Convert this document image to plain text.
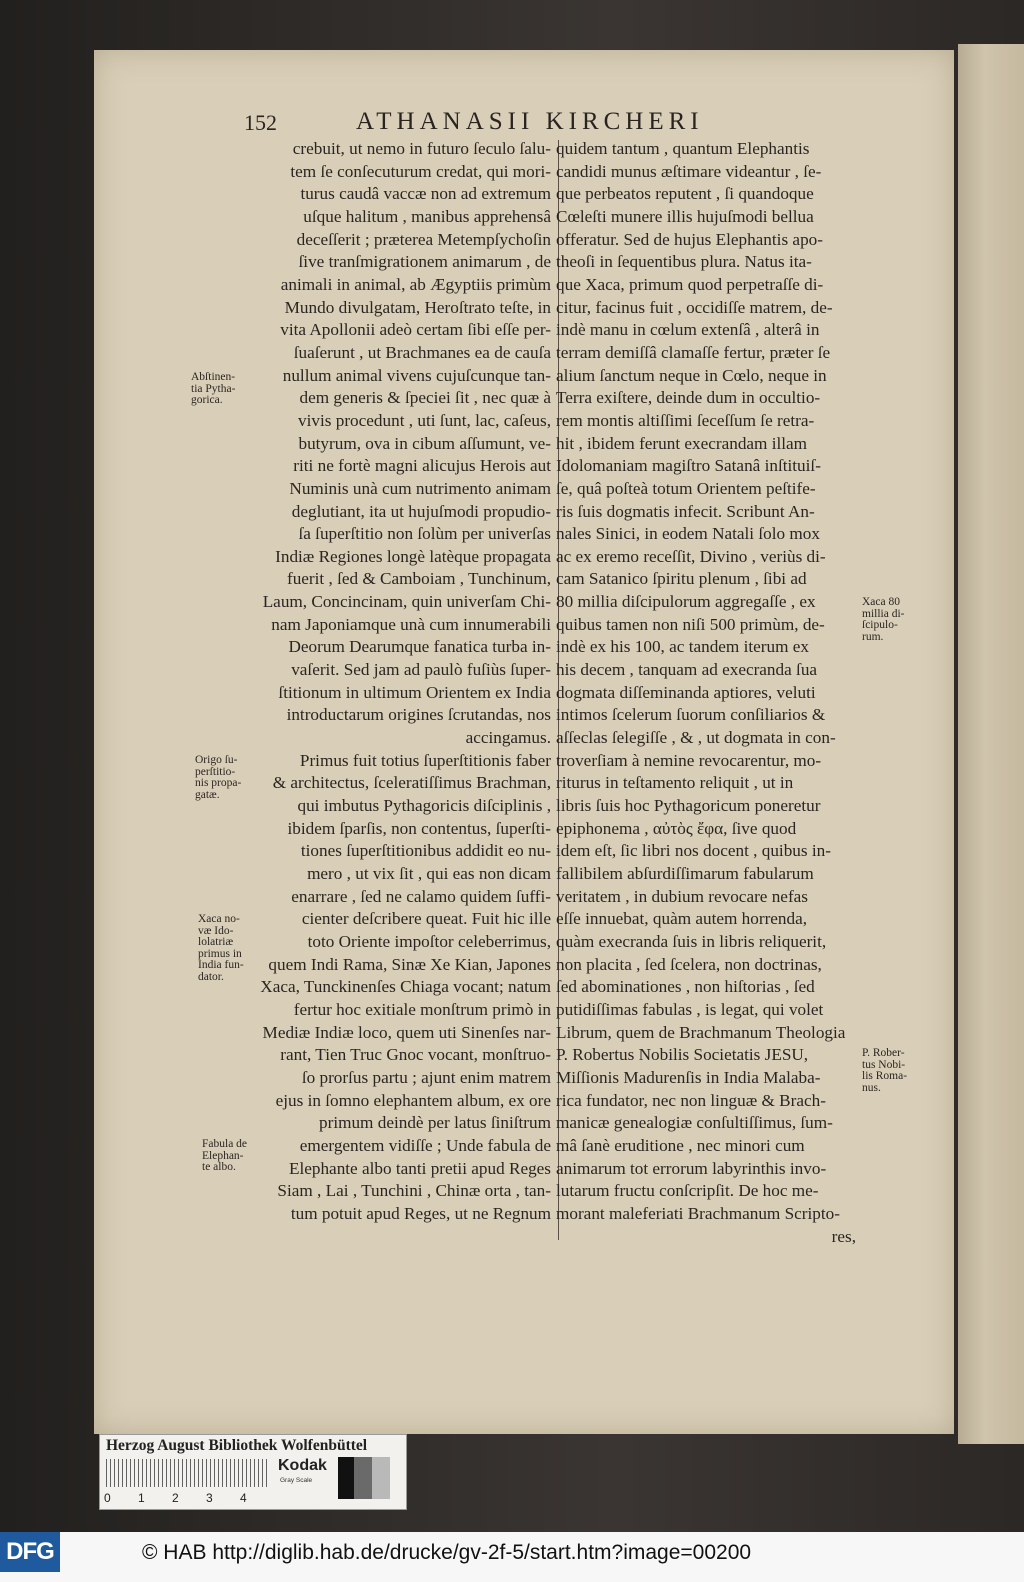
152	ATHANASII KIRCHERI
crebuit, ut nemo in futuro ſeculo ſalu-
tem ſe conſecuturum credat, qui mori-
turus caudâ vaccæ non ad extremum
uſque halitum , manibus apprehensâ
deceſſerit ; præterea Metempſychoſin
ſive tranſmigrationem animarum , de
animali in animal, ab Ægyptiis primùm
Mundo divulgatam, Heroſtrato teſte, in
vita Apollonii adeò certam ſibi eſſe per-
ſuaſerunt , ut Brachmanes ea de cauſa
nullum animal vivens cujuſcunque tan-
dem generis & ſpeciei ſit , nec quæ à
vivis procedunt , uti ſunt, lac, caſeus,
butyrum, ova in cibum aſſumunt, ve-
riti ne fortè magni alicujus Herois aut
Numinis unà cum nutrimento animam
deglutiant, ita ut hujuſmodi propudio-
ſa ſuperſtitio non ſolùm per univerſas
Indiæ Regiones longè latèque propagata
fuerit , ſed & Camboiam , Tunchinum,
Laum, Concincinam, quin univerſam Chi-
nam Japoniamque unà cum innumerabili
Deorum Dearumque fanatica turba in-
vaſerit. Sed jam ad paulò fuſiùs ſuper-
ſtitionum in ultimum Orientem ex India
introductarum origines ſcrutandas, nos
accingamus.
Primus fuit totius ſuperſtitionis faber
& architectus, ſceleratiſſimus Brachman,
qui imbutus Pythagoricis diſciplinis ,
ibidem ſparſis, non contentus, ſuperſti-
tiones ſuperſtitionibus addidit eo nu-
mero , ut vix ſit , qui eas non dicam
enarrare , ſed ne calamo quidem ſuffi-
cienter deſcribere queat. Fuit hic ille
toto Oriente impoſtor celeberrimus,
quem Indi Rama, Sinæ Xe Kian, Japones
Xaca, Tunckinenſes Chiaga vocant; natum
fertur hoc exitiale monſtrum primò in
Mediæ Indiæ loco, quem uti Sinenſes nar-
rant, Tien Truc Gnoc vocant, monſtruo-
ſo prorſus partu ; ajunt enim matrem
ejus in ſomno elephantem album, ex ore
primum deindè per latus ſiniſtrum
emergentem vidiſſe ; Unde fabula de
Elephante albo tanti pretii apud Reges
Siam , Lai , Tunchini , Chinæ orta , tan-
tum potuit apud Reges, ut ne Regnum
quidem tantum , quantum Elephantis
candidi munus æſtimare videantur , ſe-
que perbeatos reputent , ſi quandoque
Cœleſti munere illis hujuſmodi bellua
offeratur. Sed de hujus Elephantis apo-
theoſi in ſequentibus plura. Natus ita-
que Xaca, primum quod perpetraſſe di-
citur, facinus fuit , occidiſſe matrem, de-
indè manu in cœlum extenſâ , alterâ in
terram demiſſâ clamaſſe fertur, præter ſe
alium ſanctum neque in Cœlo, neque in
Terra exiſtere, deinde dum in occultio-
rem montis altiſſimi ſeceſſum ſe retra-
hit , ibidem ferunt execrandam illam
Idolomaniam magiſtro Satanâ inſtituiſ-
ſe, quâ poſteà totum Orientem peſtife-
ris ſuis dogmatis infecit. Scribunt An-
nales Sinici, in eodem Natali ſolo mox
ac ex eremo receſſit, Divino , veriùs di-
cam Satanico ſpiritu plenum , ſibi ad
80 millia diſcipulorum aggregaſſe , ex
quibus tamen non niſi 500 primùm, de-
indè ex his 100, ac tandem iterum ex
his decem , tanquam ad execranda ſua
dogmata diſſeminanda aptiores, veluti
intimos ſcelerum ſuorum conſiliarios &
aſſeclas ſelegiſſe , & , ut dogmata in con-
troverſiam à nemine revocarentur, mo-
riturus in teſtamento reliquit , ut in
libris ſuis hoc Pythagoricum poneretur
epiphonema , αὐτὸς ἔφα, ſive quod
idem eſt, ſic libri nos docent , quibus in-
fallibilem abſurdiſſimarum fabularum
veritatem , in dubium revocare nefas
eſſe innuebat, quàm autem horrenda,
quàm execranda ſuis in libris reliquerit,
non placita , ſed ſcelera, non doctrinas,
ſed abominationes , non hiſtorias , ſed
putidiſſimas fabulas , is legat, qui volet
Librum, quem de Brachmanum Theologia
P. Robertus Nobilis Societatis JESU,
Miſſionis Madurenſis in India Malaba-
rica fundator, nec non linguæ & Brach-
manicæ genealogiæ conſultiſſimus, ſum-
mâ ſanè eruditione , nec minori cum
animarum tot errorum labyrinthis invo-
lutarum fructu conſcripſit. De hoc me-
morant maleferiati Brachmanum Scripto-
res,
Abſtinen-
tia Pytha-
gorica.
Origo ſu-
perſtitio-
nis propa-
gatæ.
Xaca no-
væ Ido-
lolatriæ
primus in
India fun-
dator.
Fabula de
Elephan-
te albo.
Xaca 80
millia di-
ſcipulo-
rum.
P. Rober-
tus Nobi-
lis Roma-
nus.
Herzog August Bibliothek Wolfenbüttel
0 1 2 3 4
Kodak
Gray Scale
DFG	© HAB http://diglib.hab.de/drucke/gv-2f-5/start.htm?image=00200
